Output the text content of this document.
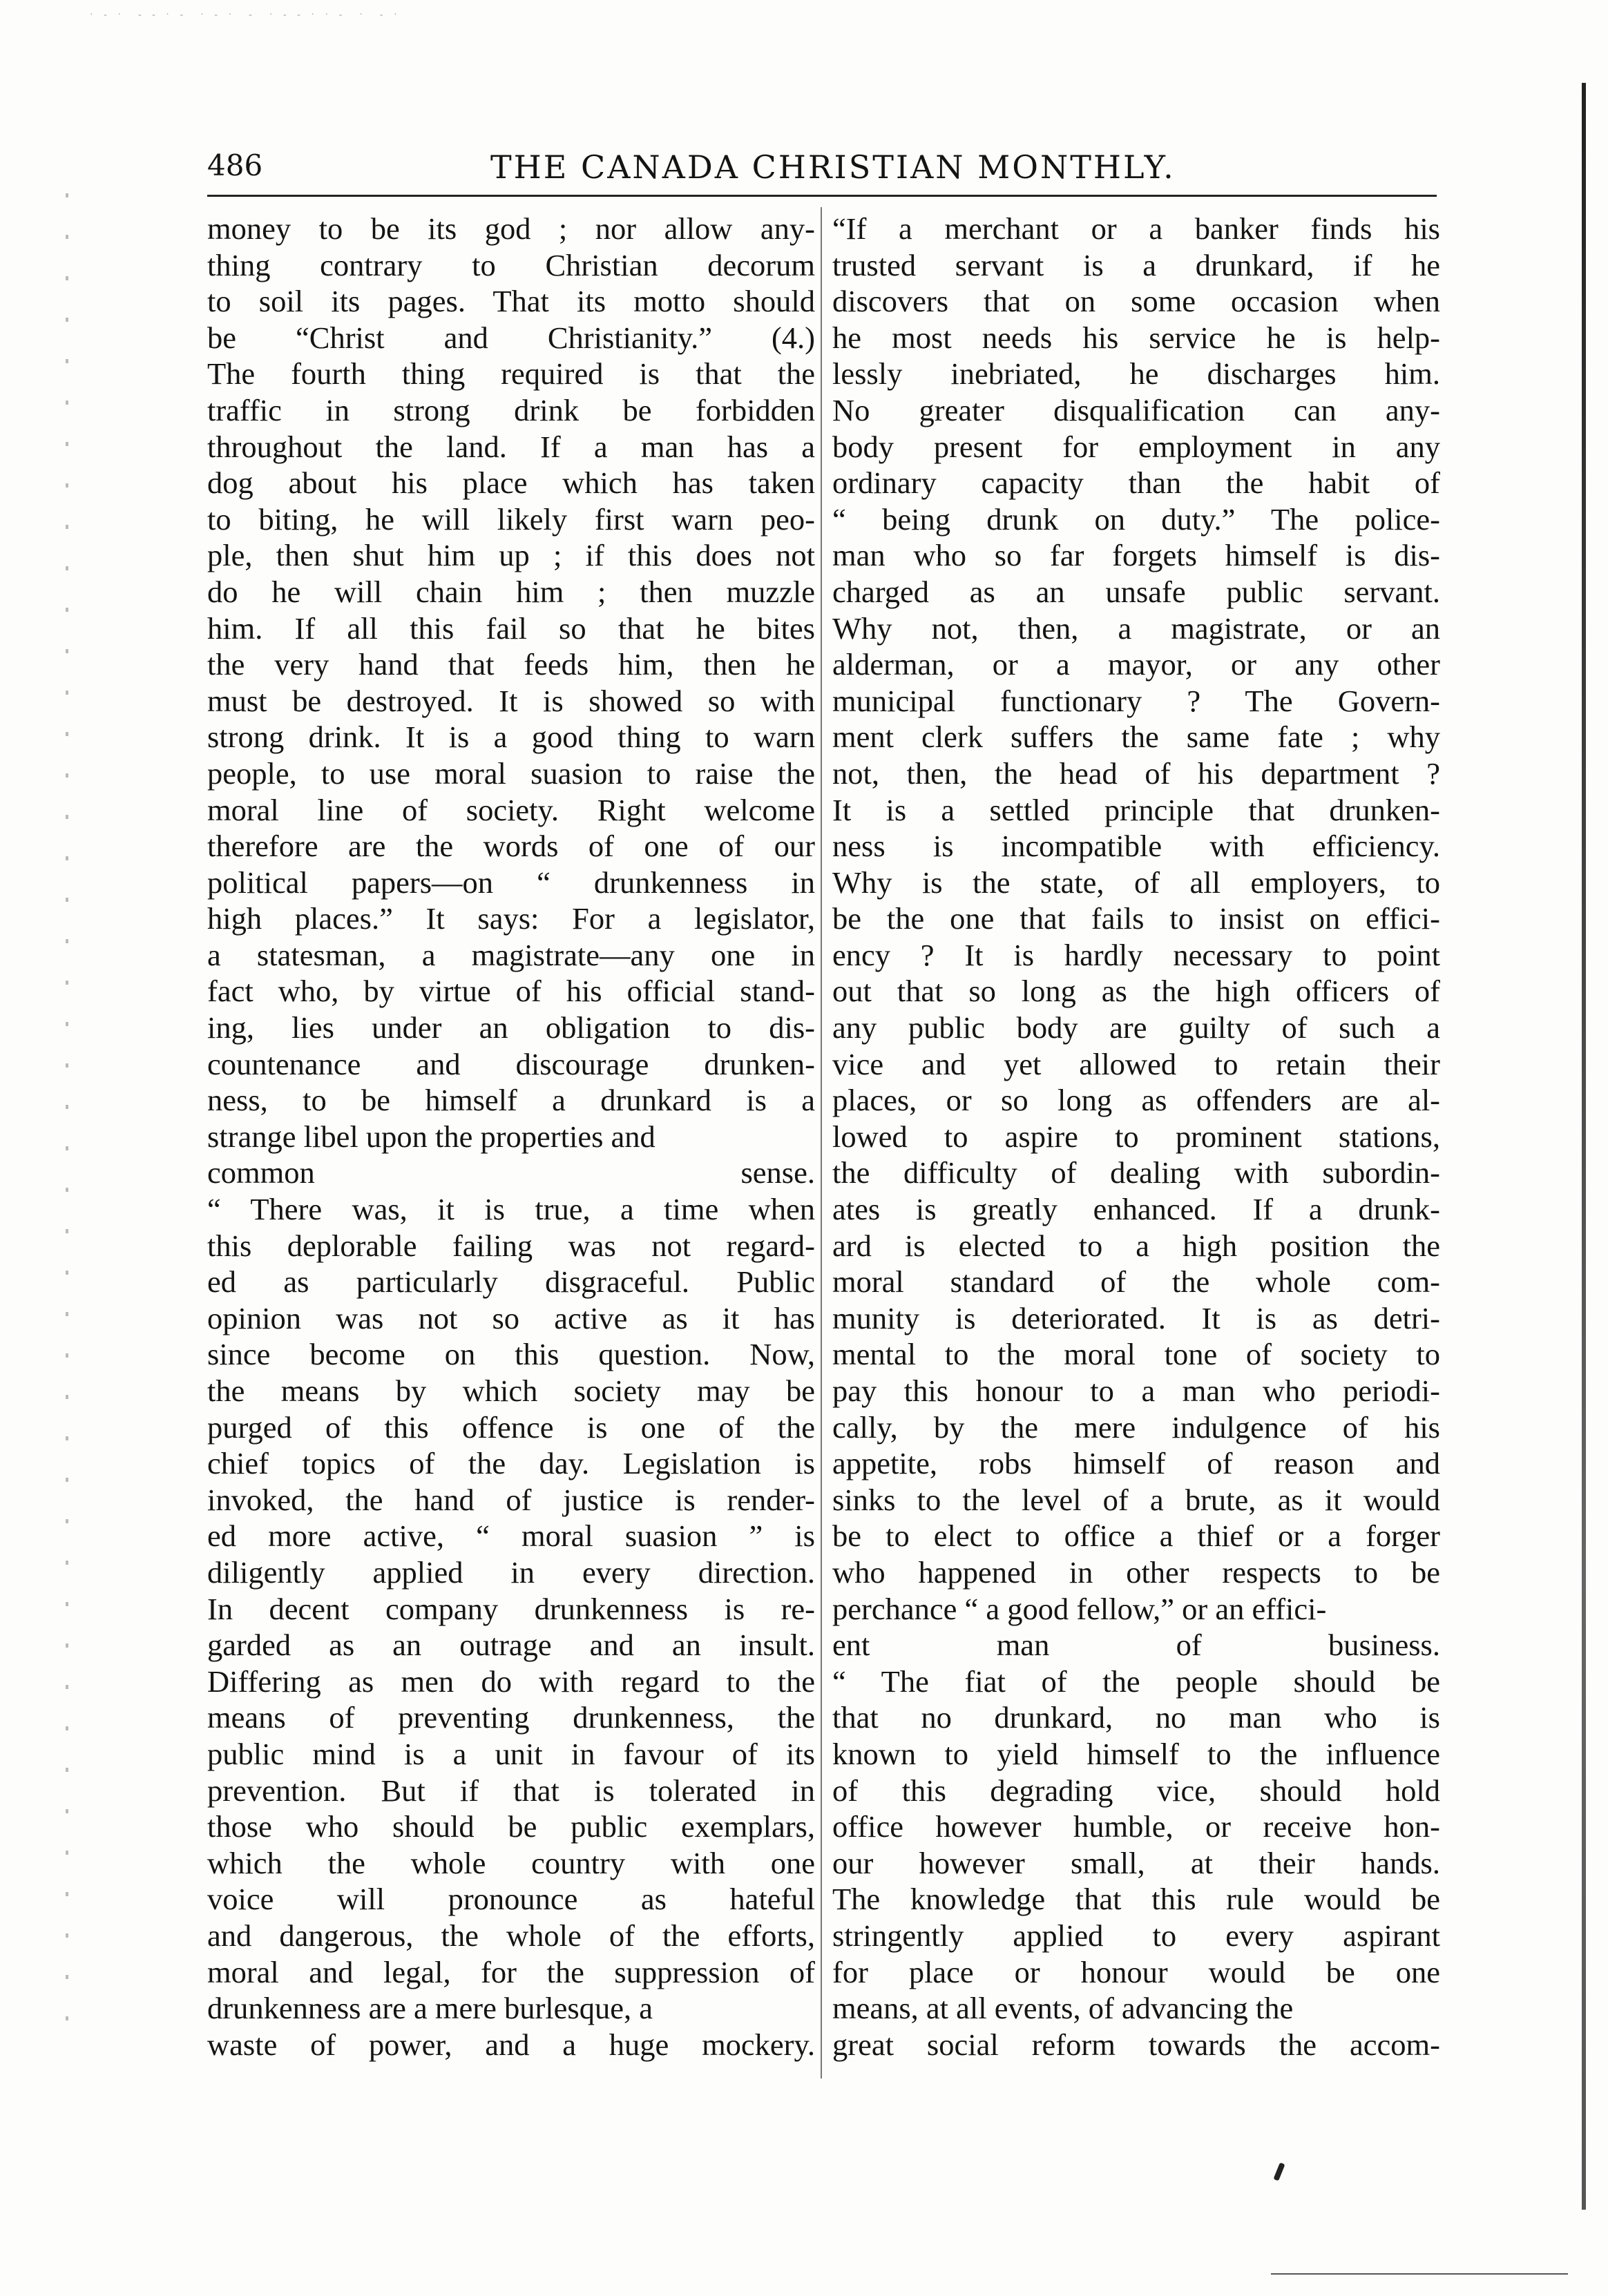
· - ·  - - · -  · - ·  -  · - - · · -  ·  - ·
486	THE CANADA CHRISTIAN MONTHLY.
money to be its god ; nor allow any-
thing contrary to Christian decorum
to soil its pages. That its motto should
be “Christ and Christianity.” (4.)
The fourth thing required is that the
traffic in strong drink be forbidden
throughout the land. If a man has a
dog about his place which has taken
to biting, he will likely first warn peo-
ple, then shut him up ; if this does not
do he will chain him ; then muzzle
him. If all this fail so that he bites
the very hand that feeds him, then he
must be destroyed. It is showed so with
strong drink. It is a good thing to warn
people, to use moral suasion to raise the
moral line of society. Right welcome
therefore are the words of one of our
political papers—on “ drunkenness in
high places.” It says: For a legislator,
a statesman, a magistrate—any one in
fact who, by virtue of his official stand-
ing, lies under an obligation to dis-
countenance and discourage drunken-
ness, to be himself a drunkard is a
strange libel upon the properties and
common sense.
“ There was, it is true, a time when
this deplorable failing was not regard-
ed as particularly disgraceful. Public
opinion was not so active as it has
since become on this question. Now,
the means by which society may be
purged of this offence is one of the
chief topics of the day. Legislation is
invoked, the hand of justice is render-
ed more active, “ moral suasion ” is
diligently applied in every direction.
In decent company drunkenness is re-
garded as an outrage and an insult.
Differing as men do with regard to the
means of preventing drunkenness, the
public mind is a unit in favour of its
prevention. But if that is tolerated in
those who should be public exemplars,
which the whole country with one
voice will pronounce as hateful
and dangerous, the whole of the efforts,
moral and legal, for the suppression of
drunkenness are a mere burlesque, a
waste of power, and a huge mockery.
“If a merchant or a banker finds his
trusted servant is a drunkard, if he
discovers that on some occasion when
he most needs his service he is help-
lessly inebriated, he discharges him.
No greater disqualification can any-
body present for employment in any
ordinary capacity than the habit of
“ being drunk on duty.” The police-
man who so far forgets himself is dis-
charged as an unsafe public servant.
Why not, then, a magistrate, or an
alderman, or a mayor, or any other
municipal functionary ? The Govern-
ment clerk suffers the same fate ; why
not, then, the head of his department ?
It is a settled principle that drunken-
ness is incompatible with efficiency.
Why is the state, of all employers, to
be the one that fails to insist on effici-
ency ? It is hardly necessary to point
out that so long as the high officers of
any public body are guilty of such a
vice and yet allowed to retain their
places, or so long as offenders are al-
lowed to aspire to prominent stations,
the difficulty of dealing with subordin-
ates is greatly enhanced. If a drunk-
ard is elected to a high position the
moral standard of the whole com-
munity is deteriorated. It is as detri-
mental to the moral tone of society to
pay this honour to a man who periodi-
cally, by the mere indulgence of his
appetite, robs himself of reason and
sinks to the level of a brute, as it would
be to elect to office a thief or a forger
who happened in other respects to be
perchance “ a good fellow,” or an effici-
ent man of business.
“ The fiat of the people should be
that no drunkard, no man who is
known to yield himself to the influence
of this degrading vice, should hold
office however humble, or receive hon-
our however small, at their hands.
The knowledge that this rule would be
stringently applied to every aspirant
for place or honour would be one
means, at all events, of advancing the
great social reform towards the accom-
